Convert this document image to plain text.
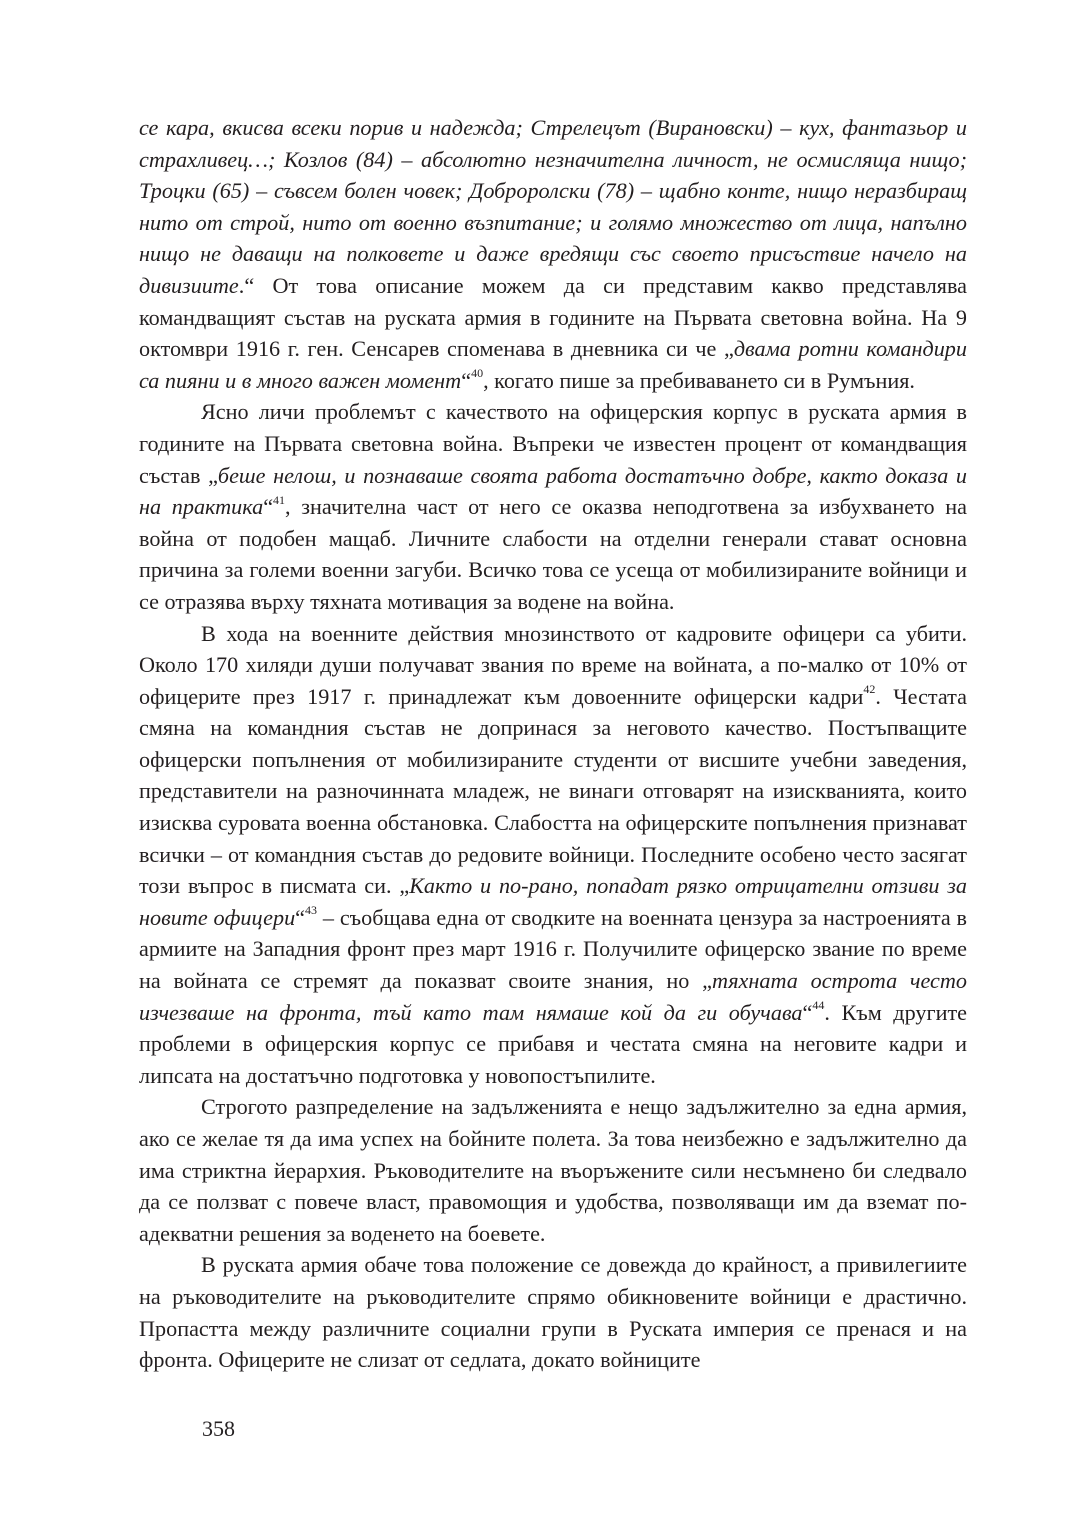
се кара, вкисва всеки порив и надежда; Стрелецът (Вирановски) – кух, фантазьор и страхливец…; Козлов (84) – абсолютно незначителна личност, не осмисляща нищо; Троцки (65) – съвсем болен човек; Доброролски (78) – щабно конте, нищо неразбиращ нито от строй, нито от военно възпитание; и голямо множество от лица, напълно нищо не даващи на полковете и даже вредящи със своето присъствие начело на дивизиите.“ От това описание можем да си представим какво представлява командващият състав на руската армия в годините на Първата световна война. На 9 октомври 1916 г. ген. Сенсарев споменава в дневника си че „двама ротни командири са пияни и в много важен момент“$^{40}$, когато пише за пребиваването си в Румъния.

Ясно личи проблемът с качеството на офицерския корпус в руската армия в годините на Първата световна война. Въпреки че известен процент от командващия състав „беше нелош, и познаваше своята работа достатъчно добре, както доказа и на практика“$^{41}$, значителна част от него се оказва неподготвена за избухването на война от подобен мащаб. Личните слабости на отделни генерали стават основна причина за големи военни загуби. Всичко това се усеща от мобилизираните войници и се отразява върху тяхната мотивация за водене на война.

В хода на военните действия мнозинството от кадровите офицери са убити. Около 170 хиляди души получават звания по време на войната, а по-малко от 10% от офицерите през 1917 г. принадлежат към довоенните офицерски кадри$^{42}$. Честата смяна на командния състав не допринася за неговото качество. Постъпващите офицерски попълнения от мобилизираните студенти от висшите учебни заведения, представители на разночинната младеж, не винаги отговарят на изискванията, които изисква суровата военна обстановка. Слабостта на офицерските попълнения признават всички – от командния състав до редовите войници. Последните особено често засягат този въпрос в писмата си. „Както и по-рано, попадат рязко отрицателни отзиви за новите офицери“$^{43}$ – съобщава една от сводките на военната цензура за настроенията в армиите на Западния фронт през март 1916 г. Получилите офицерско звание по време на войната се стремят да показват своите знания, но „тяхната острота често изчезваше на фронта, тъй като там нямаше кой да ги обучава“$^{44}$. Към другите проблеми в офицерския корпус се прибавя и честата смяна на неговите кадри и липсата на достатъчно подготовка у новопостъпилите.

Строгото разпределение на задълженията е нещо задължително за една армия, ако се желае тя да има успех на бойните полета. За това неизбежно е задължително да има стриктна йерархия. Ръководителите на въоръжените сили несъмнено би следвало да се ползват с повече власт, правомощия и удобства, позволяващи им да вземат по-адекватни решения за воденето на боевете.

В руската армия обаче това положение се довежда до крайност, а привилегиите на ръководителите на ръководителите спрямо обикновените войници е драстично. Пропастта между различните социални групи в Руската империя се пренася и на фронта. Офицерите не слизат от седлата, докато войниците

358
